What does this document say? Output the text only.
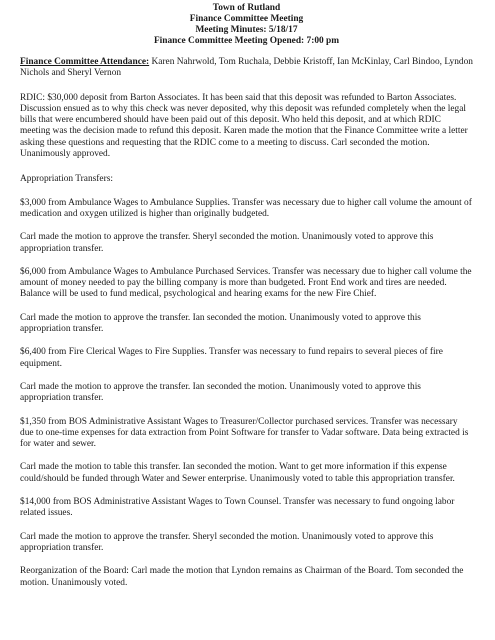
Town of Rutland
Finance Committee Meeting
Meeting Minutes: 5/18/17
Finance Committee Meeting Opened: 7:00 pm

Finance Committee Attendance: Karen Nahrwold, Tom Ruchala, Debbie Kristoff, Ian McKinlay, Carl Bindoo, Lyndon Nichols and Sheryl Vernon

RDIC: $30,000 deposit from Barton Associates. It has been said that this deposit was refunded to Barton Associates. Discussion ensued as to why this check was never deposited, why this deposit was refunded completely when the legal bills that were encumbered should have been paid out of this deposit. Who held this deposit, and at which RDIC meeting was the decision made to refund this deposit. Karen made the motion that the Finance Committee write a letter asking these questions and requesting that the RDIC come to a meeting to discuss. Carl seconded the motion. Unanimously approved.

Appropriation Transfers:

$3,000 from Ambulance Wages to Ambulance Supplies. Transfer was necessary due to higher call volume the amount of medication and oxygen utilized is higher than originally budgeted.

Carl made the motion to approve the transfer. Sheryl seconded the motion. Unanimously voted to approve this appropriation transfer.

$6,000 from Ambulance Wages to Ambulance Purchased Services. Transfer was necessary due to higher call volume the amount of money needed to pay the billing company is more than budgeted. Front End work and tires are needed. Balance will be used to fund medical, psychological and hearing exams for the new Fire Chief.

Carl made the motion to approve the transfer. Ian seconded the motion. Unanimously voted to approve this appropriation transfer.

$6,400 from Fire Clerical Wages to Fire Supplies. Transfer was necessary to fund repairs to several pieces of fire equipment.

Carl made the motion to approve the transfer. Ian seconded the motion. Unanimously voted to approve this appropriation transfer.

$1,350 from BOS Administrative Assistant Wages to Treasurer/Collector purchased services. Transfer was necessary due to one-time expenses for data extraction from Point Software for transfer to Vadar software. Data being extracted is for water and sewer.

Carl made the motion to table this transfer. Ian seconded the motion. Want to get more information if this expense could/should be funded through Water and Sewer enterprise. Unanimously voted to table this appropriation transfer.

$14,000 from BOS Administrative Assistant Wages to Town Counsel. Transfer was necessary to fund ongoing labor related issues.

Carl made the motion to approve the transfer. Sheryl seconded the motion. Unanimously voted to approve this appropriation transfer.

Reorganization of the Board: Carl made the motion that Lyndon remains as Chairman of the Board. Tom seconded the motion. Unanimously voted.
